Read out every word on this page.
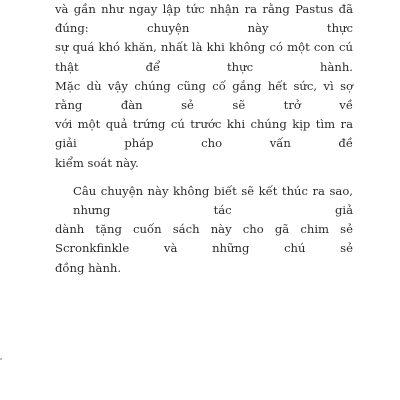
và gần như ngay lập tức nhận ra rằng Pastus đã đúng: chuyện này thực
sự quá khó khăn, nhất là khi không có một con cú thật để thực hành.
Mặc dù vậy chúng cũng cố gắng hết sức, vì sợ rằng đàn sẻ sẽ trở về
với một quả trứng cú trước khi chúng kịp tìm ra giải pháp cho vấn đề
kiểm soát này.

Câu chuyện này không biết sẽ kết thúc ra sao, nhưng tác giả
dành tặng cuốn sách này cho gã chim sẻ Scronkfinkle và những chú sẻ
đồng hành.
